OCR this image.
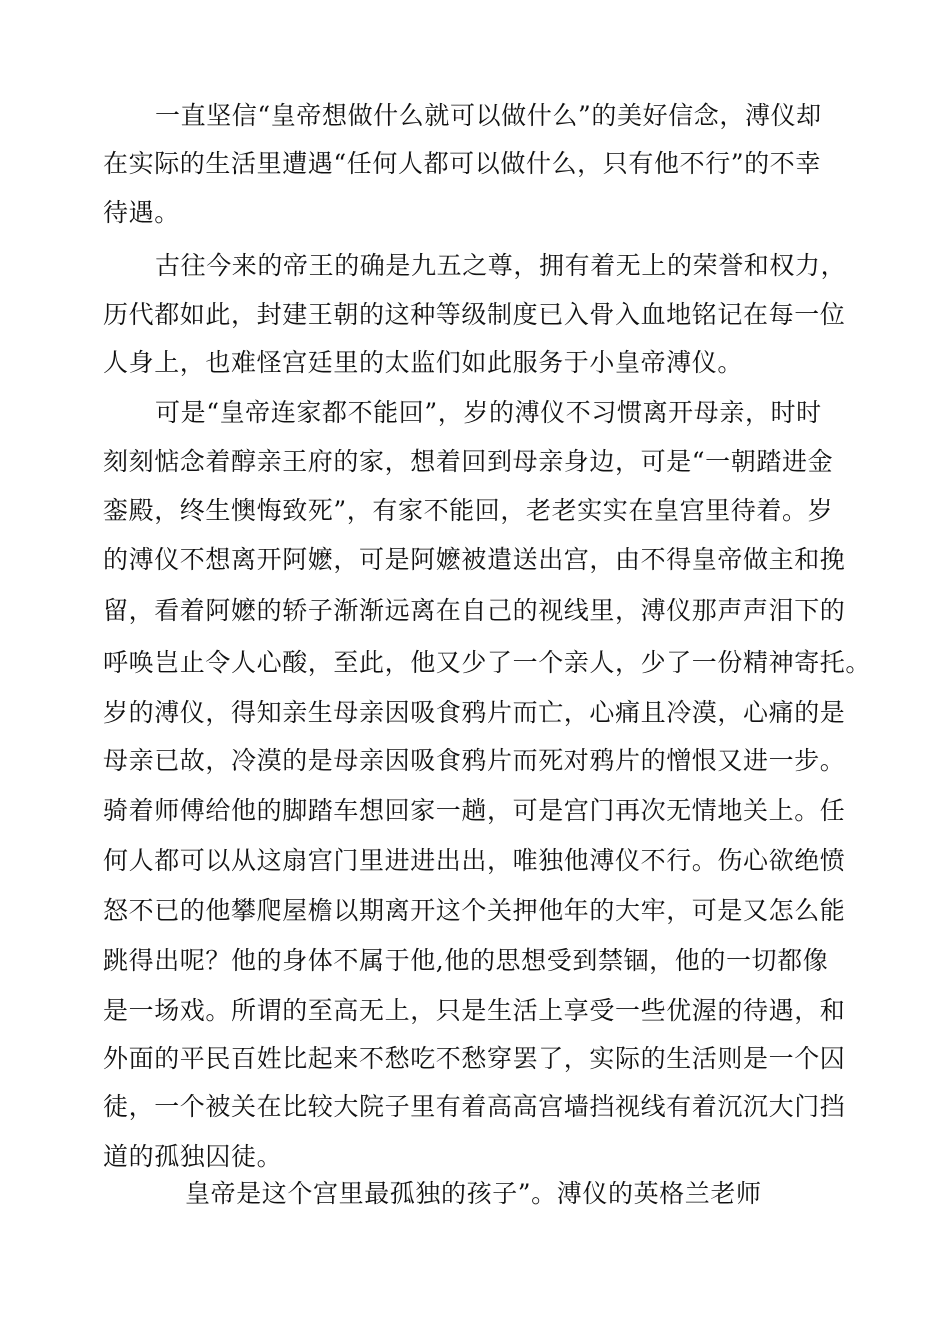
一直坚信“皇帝想做什么就可以做什么”的美好信念，溥仪却
在实际的生活里遭遇“任何人都可以做什么，只有他不行”的不幸
待遇。
古往今来的帝王的确是九五之尊，拥有着无上的荣誉和权力，
历代都如此，封建王朝的这种等级制度已入骨入血地铭记在每一位
人身上，也难怪宫廷里的太监们如此服务于小皇帝溥仪。
可是“皇帝连家都不能回”，岁的溥仪不习惯离开母亲，时时
刻刻惦念着醇亲王府的家，想着回到母亲身边，可是“一朝踏进金
銮殿，终生懊悔致死”，有家不能回，老老实实在皇宫里待着。岁
的溥仪不想离开阿嬷，可是阿嬷被遣送出宫，由不得皇帝做主和挽
留，看着阿嬷的轿子渐渐远离在自己的视线里，溥仪那声声泪下的
呼唤岂止令人心酸，至此，他又少了一个亲人，少了一份精神寄托。
岁的溥仪，得知亲生母亲因吸食鸦片而亡，心痛且冷漠，心痛的是
母亲已故，冷漠的是母亲因吸食鸦片而死对鸦片的憎恨又进一步。
骑着师傅给他的脚踏车想回家一趟，可是宫门再次无情地关上。任
何人都可以从这扇宫门里进进出出，唯独他溥仪不行。伤心欲绝愤
怒不已的他攀爬屋檐以期离开这个关押他年的大牢，可是又怎么能
跳得出呢？他的身体不属于他,他的思想受到禁锢，他的一切都像
是一场戏。所谓的至高无上，只是生活上享受一些优渥的待遇，和
外面的平民百姓比起来不愁吃不愁穿罢了，实际的生活则是一个囚
徒，一个被关在比较大院子里有着高高宫墙挡视线有着沉沉大门挡
道的孤独囚徒。
皇帝是这个宫里最孤独的孩子”。溥仪的英格兰老师
